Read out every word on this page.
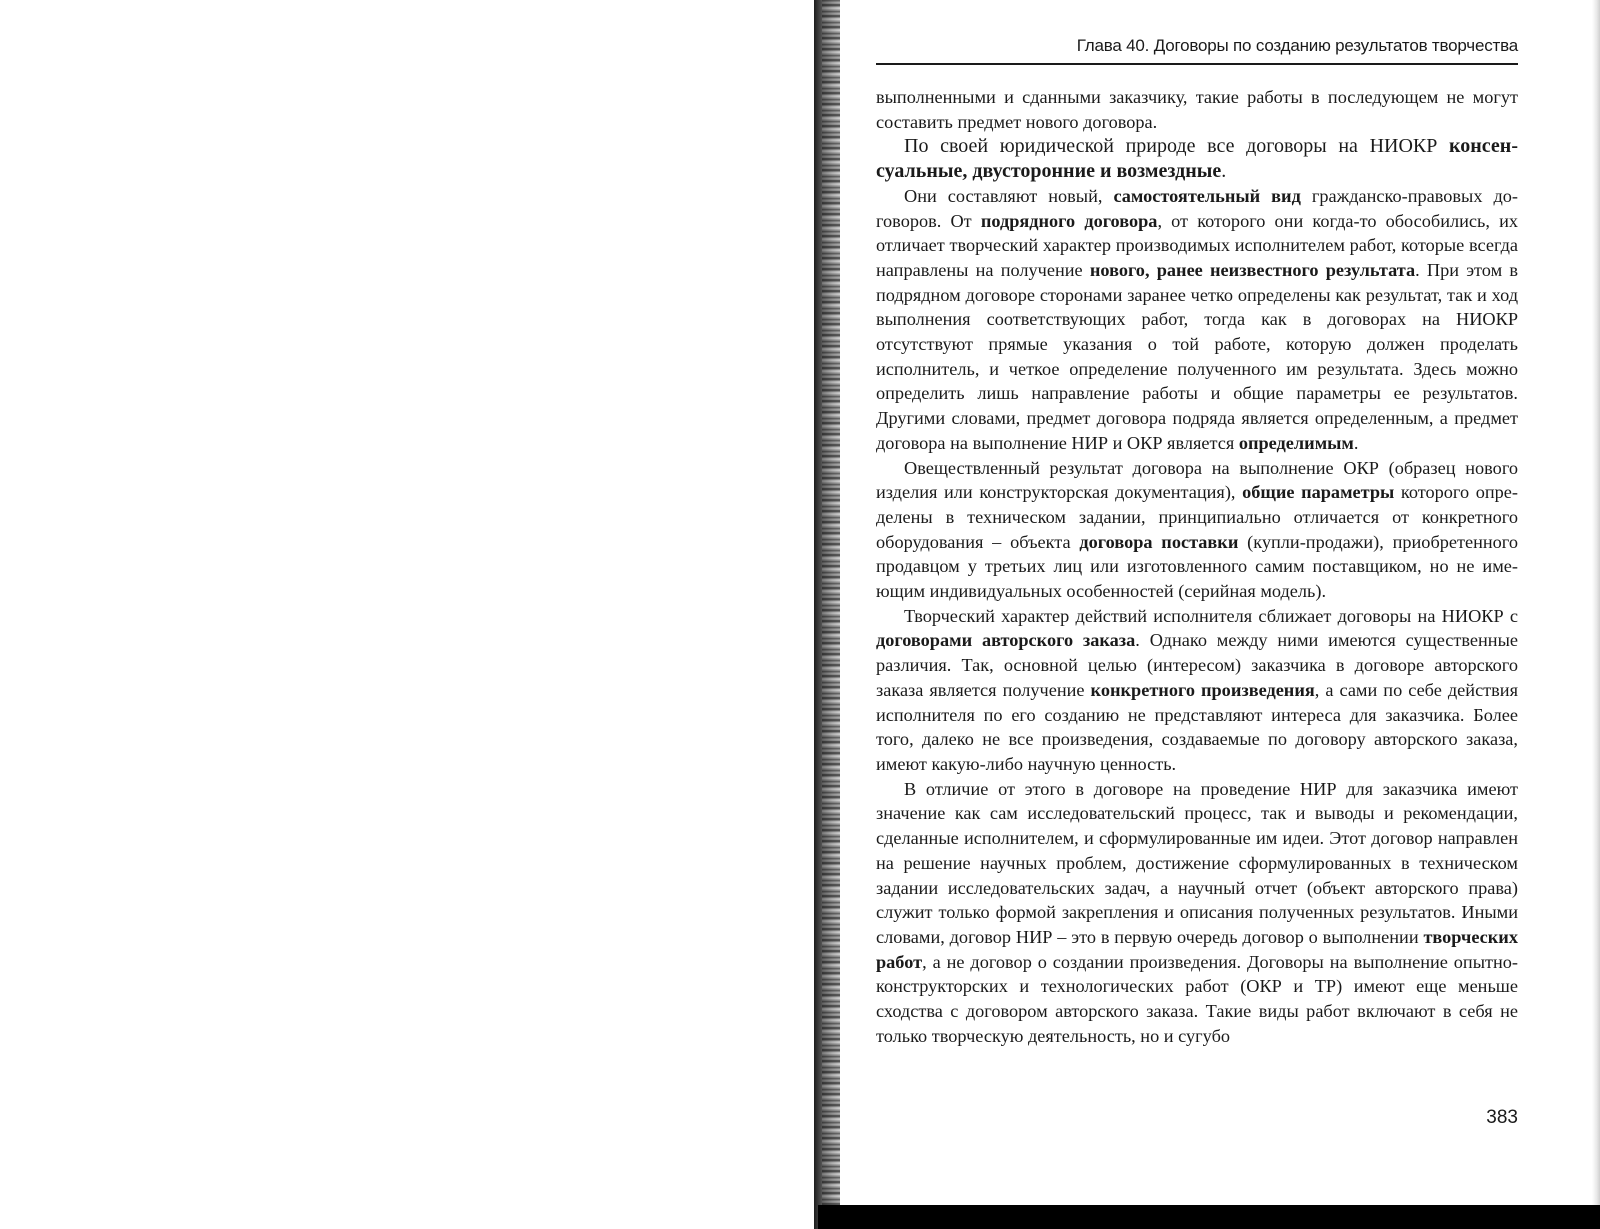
Глава 40. Договоры по созданию результатов творчества

выполненными и сданными заказчику, такие работы в последующем не могут составить предмет нового договора.

По своей юридической природе все договоры на НИОКР консенсуальные, двусторонние и возмездные.

Они составляют новый, самостоятельный вид гражданско-правовых договоров. От подрядного договора, от которого они когда-то обособились, их отличает творческий характер производимых исполнителем работ, которые всегда направлены на получение нового, ранее неизвестного результата. При этом в подрядном договоре сторонами заранее четко определены как результат, так и ход выполнения соответствующих работ, тогда как в договорах на НИОКР отсутствуют прямые указания о той работе, которую должен проделать исполнитель, и четкое определение полученного им результата. Здесь можно определить лишь направление работы и общие параметры ее результатов. Другими словами, предмет договора подряда является определенным, а предмет договора на выполнение НИР и ОКР является определимым.

Овеществленный результат договора на выполнение ОКР (образец нового изделия или конструкторская документация), общие параметры которого определены в техническом задании, принципиально отличается от конкретного оборудования – объекта договора поставки (купли-продажи), приобретенного продавцом у третьих лиц или изготовленного самим поставщиком, но не имеющим индивидуальных особенностей (серийная модель).

Творческий характер действий исполнителя сближает договоры на НИОКР с договорами авторского заказа. Однако между ними имеются существенные различия. Так, основной целью (интересом) заказчика в договоре авторского заказа является получение конкретного произведения, а сами по себе действия исполнителя по его созданию не представляют интереса для заказчика. Более того, далеко не все произведения, создаваемые по договору авторского заказа, имеют какую-либо научную ценность.

В отличие от этого в договоре на проведение НИР для заказчика имеют значение как сам исследовательский процесс, так и выводы и рекомендации, сделанные исполнителем, и сформулированные им идеи. Этот договор направлен на решение научных проблем, достижение сформулированных в техническом задании исследовательских задач, а научный отчет (объект авторского права) служит только формой закрепления и описания полученных результатов. Иными словами, договор НИР – это в первую очередь договор о выполнении творческих работ, а не договор о создании произведения. Договоры на выполнение опытно-конструкторских и технологических работ (ОКР и ТР) имеют еще меньше сходства с договором авторского заказа. Такие виды работ включают в себя не только творческую деятельность, но и сугубо

383
